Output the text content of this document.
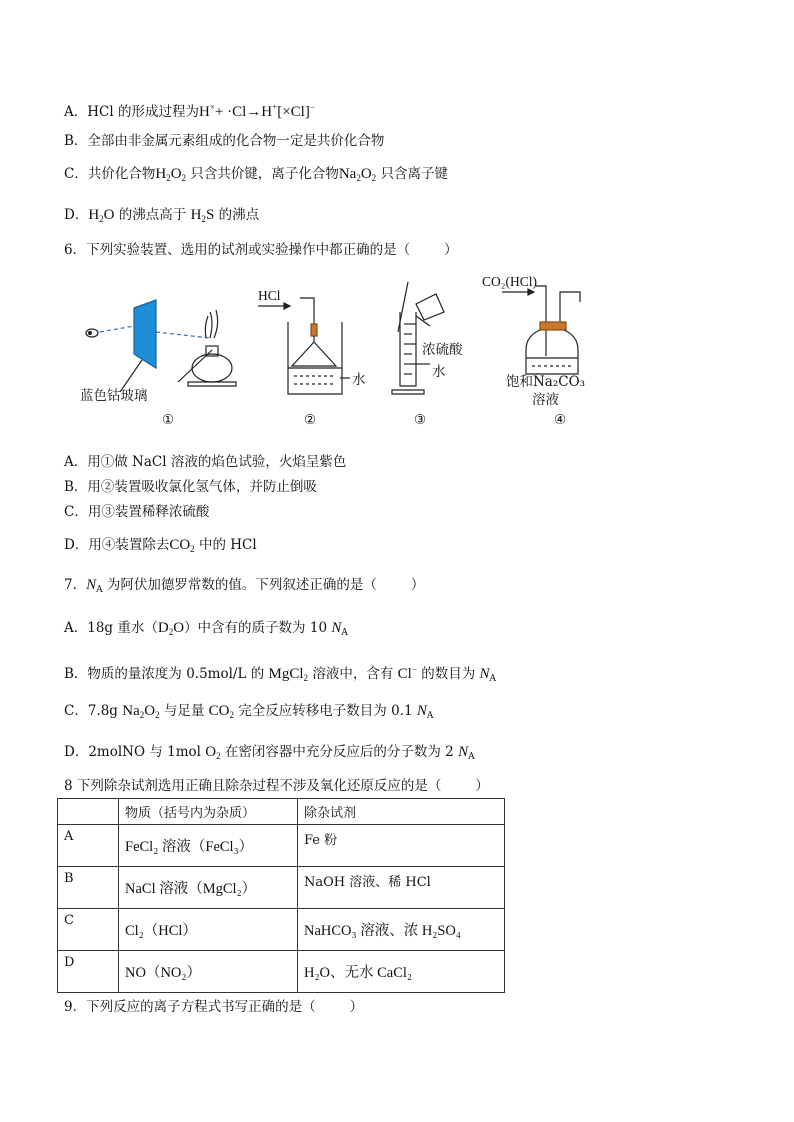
A．HCl 的形成过程为H×+ ·Cl→H+[×Cl]−
B．全部由非金属元素组成的化合物一定是共价化合物
C．共价化合物$H_2O_2$ 只含共价键，离子化合物$Na_2O_2$ 只含离子键
D．$H_2O$ 的沸点高于 $H_2S$ 的沸点
6．下列实验装置、选用的试剂或实验操作中都正确的是（	）
蓝色钴玻璃
HCl
水
浓硫酸
水
CO₂(HCl)
饱和Na₂CO₃
溶液
①	②	③	④
A．用①做 NaCl 溶液的焰色试验，火焰呈紫色
B．用②装置吸收氯化氢气体，并防止倒吸
C．用③装置稀释浓硫酸
D．用④装置除去$CO_2$ 中的 HCl
7．$N_A$ 为阿伏加德罗常数的值。下列叙述正确的是（	）
A．18g 重水$(D_2O)$中含有的质子数为 10 $N_A$
B．物质的量浓度为 0.5mol/L 的 MgCl$_2$ 溶液中，含有 Cl− 的数目为 $N_A$
C．7.8g $Na_2O_2$ 与足量 $CO_2$ 完全反应转移电子数目为 0.1 $N_A$
D．2molNO 与 1mol $O_2$ 在密闭容器中充分反应后的分子数为 2 $N_A$
8 下列除杂试剂选用正确且除杂过程不涉及氧化还原反应的是（	）
	物质（括号内为杂质）	除杂试剂
A	FeCl₂ 溶液（FeCl₃）	Fe 粉
B	NaCl 溶液（MgCl₂）	NaOH 溶液、稀 HCl
C	Cl₂（HCl）	NaHCO₃ 溶液、浓 H₂SO₄
D	NO（NO₂）	H₂O、无水 CaCl₂
9．下列反应的离子方程式书写正确的是（	）
